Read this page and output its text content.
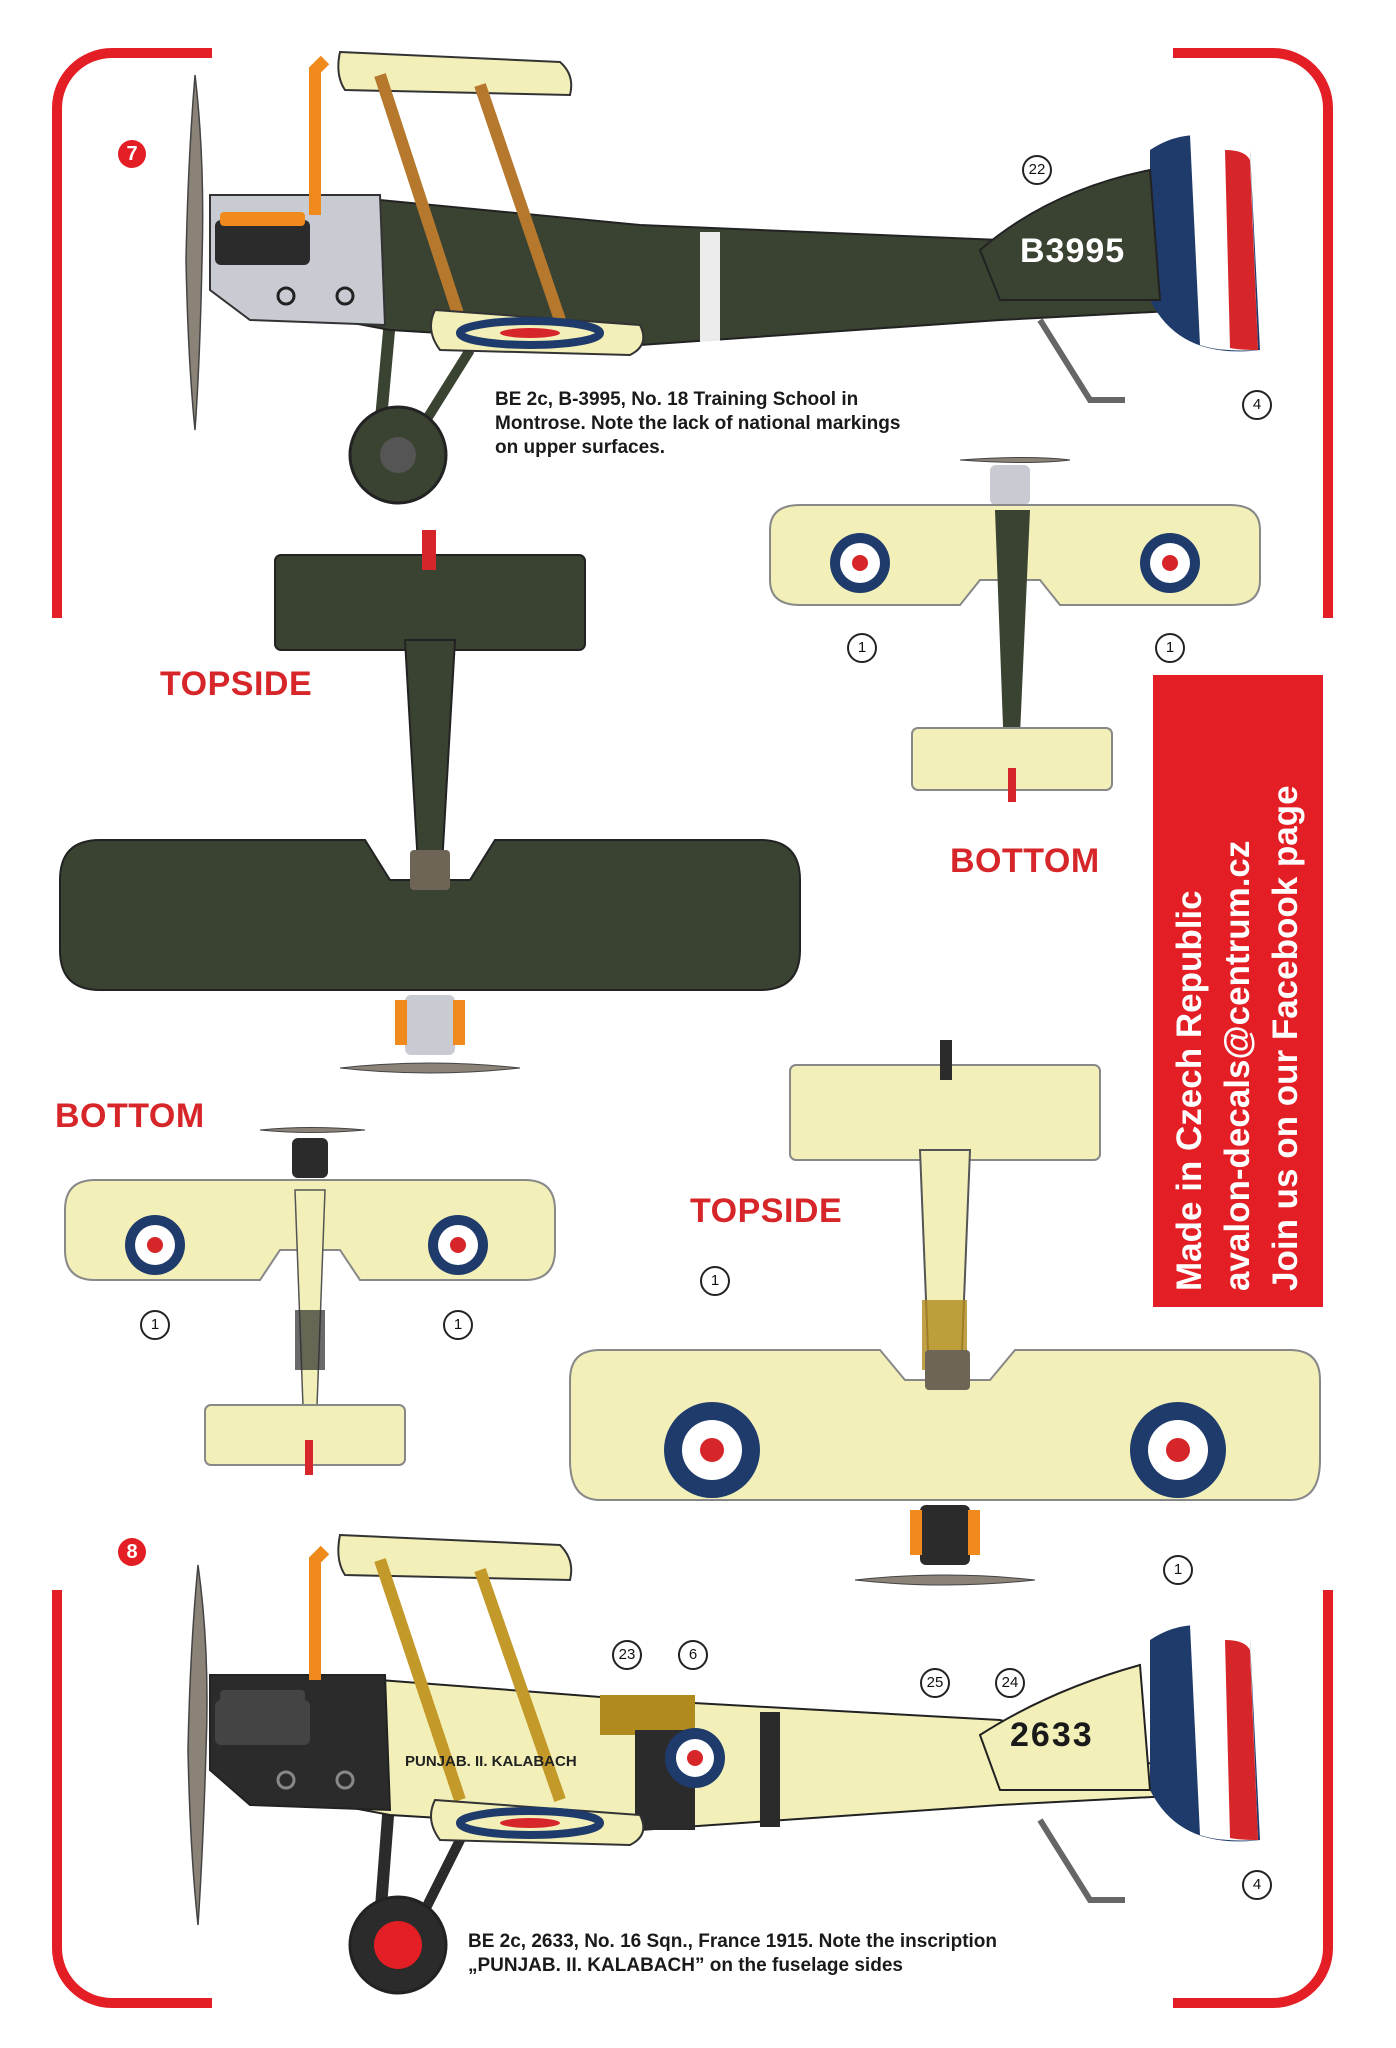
7
8
B3995
22
4
BE 2c, B-3995, No. 18 Training School in
Montrose. Note the lack of national markings
on upper surfaces.
TOPSIDE
BOTTOM
1	1
Made in Czech Republic avalon-decals@centrum.cz Join us on our Facebook page
BOTTOM
1	1
TOPSIDE
1
1
2633
PUNJAB. II. KALABACH
23	6
25	24
4
BE 2c, 2633, No. 16 Sqn., France 1915. Note the inscription
„PUNJAB. II. KALABACH” on the fuselage sides
